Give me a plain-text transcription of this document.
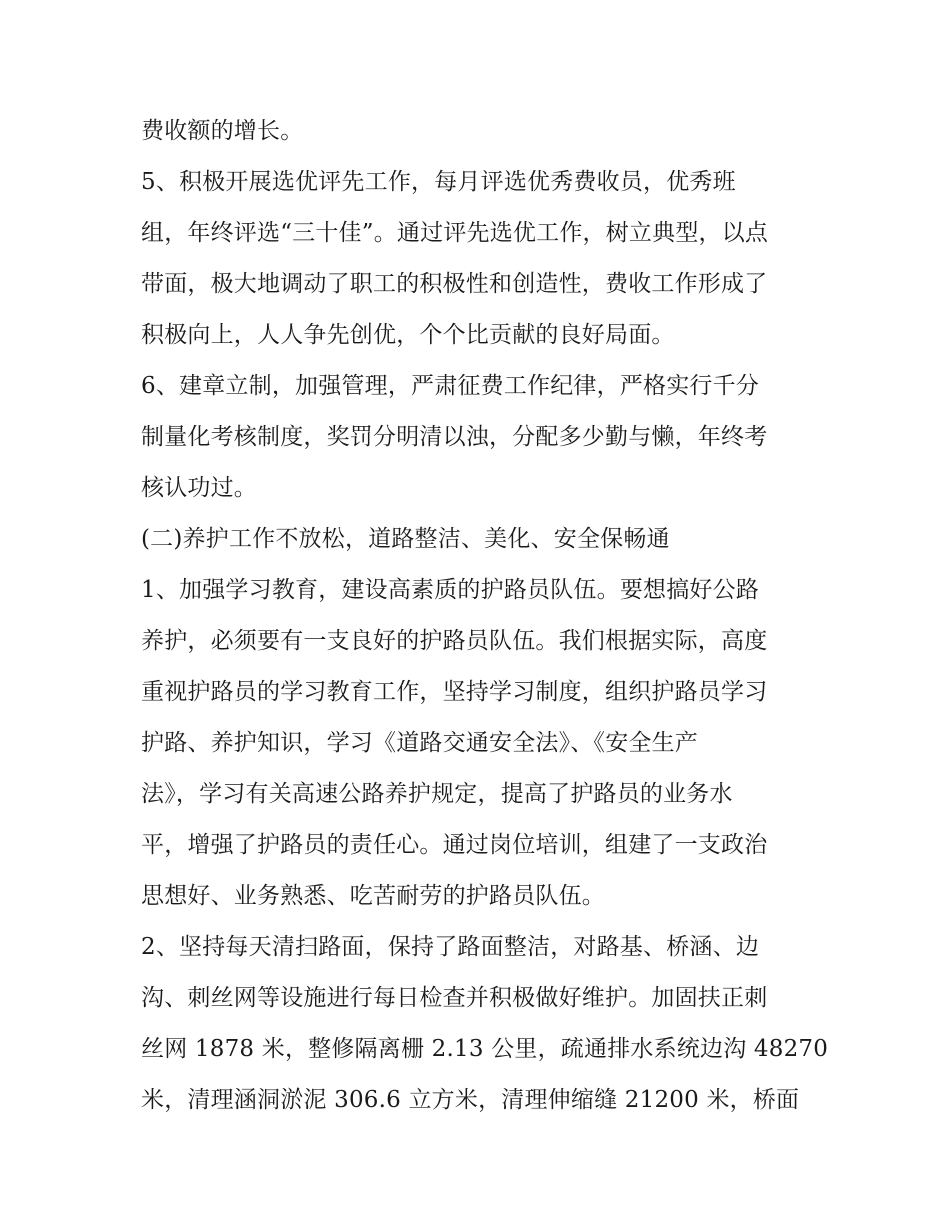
费收额的增长。
5、积极开展选优评先工作，每月评选优秀费收员，优秀班
组，年终评选“三十佳”。通过评先选优工作，树立典型，以点
带面，极大地调动了职工的积极性和创造性，费收工作形成了
积极向上，人人争先创优，个个比贡献的良好局面。
6、建章立制，加强管理，严肃征费工作纪律，严格实行千分
制量化考核制度，奖罚分明清以浊，分配多少勤与懒，年终考
核认功过。
(二)养护工作不放松，道路整洁、美化、安全保畅通
1、加强学习教育，建设高素质的护路员队伍。要想搞好公路
养护，必须要有一支良好的护路员队伍。我们根据实际，高度
重视护路员的学习教育工作，坚持学习制度，组织护路员学习
护路、养护知识，学习《道路交通安全法》、《安全生产
法》，学习有关高速公路养护规定，提高了护路员的业务水
平，增强了护路员的责任心。通过岗位培训，组建了一支政治
思想好、业务熟悉、吃苦耐劳的护路员队伍。
2、坚持每天清扫路面，保持了路面整洁，对路基、桥涵、边
沟、刺丝网等设施进行每日检查并积极做好维护。加固扶正刺
丝网 1878 米，整修隔离栅 2.13 公里，疏通排水系统边沟 48270
米，清理涵洞淤泥 306.6 立方米，清理伸缩缝 21200 米，桥面
